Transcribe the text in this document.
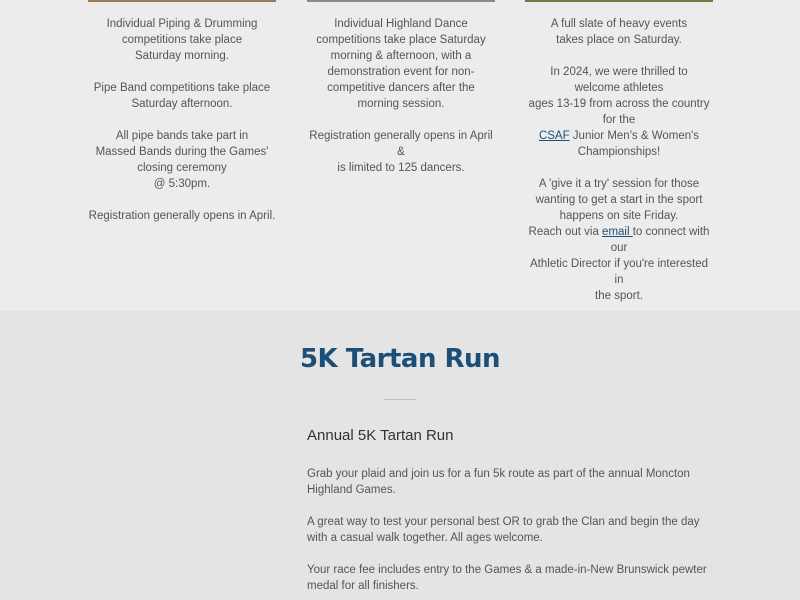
Individual Piping & Drumming
competitions take place
Saturday morning.

Pipe Band competitions take place
Saturday afternoon.

All pipe bands take part in
Massed Bands during the Games'
closing ceremony
@ 5:30pm.

Registration generally opens in April.

Individual Highland Dance
competitions take place Saturday
morning & afternoon, with a
demonstration event for non-
competitive dancers after the
morning session.

Registration generally opens in April &
is limited to 125 dancers.

A full slate of heavy events
takes place on Saturday.

In 2024, we were thrilled to
welcome athletes
ages 13-19 from across the country
for the
CSAF Junior Men's & Women's
Championships!

A 'give it a try' session for those
wanting to get a start in the sport
happens on site Friday.
Reach out via email to connect with our
Athletic Director if you're interested in
the sport.

5K Tartan Run
Annual 5K Tartan Run

Grab your plaid and join us for a fun 5k route as part of the annual Moncton Highland Games.

A great way to test your personal best OR to grab the Clan and begin the day with a casual walk together. All ages welcome.

Your race fee includes entry to the Games & a made-in-New Brunswick pewter medal for all finishers.
